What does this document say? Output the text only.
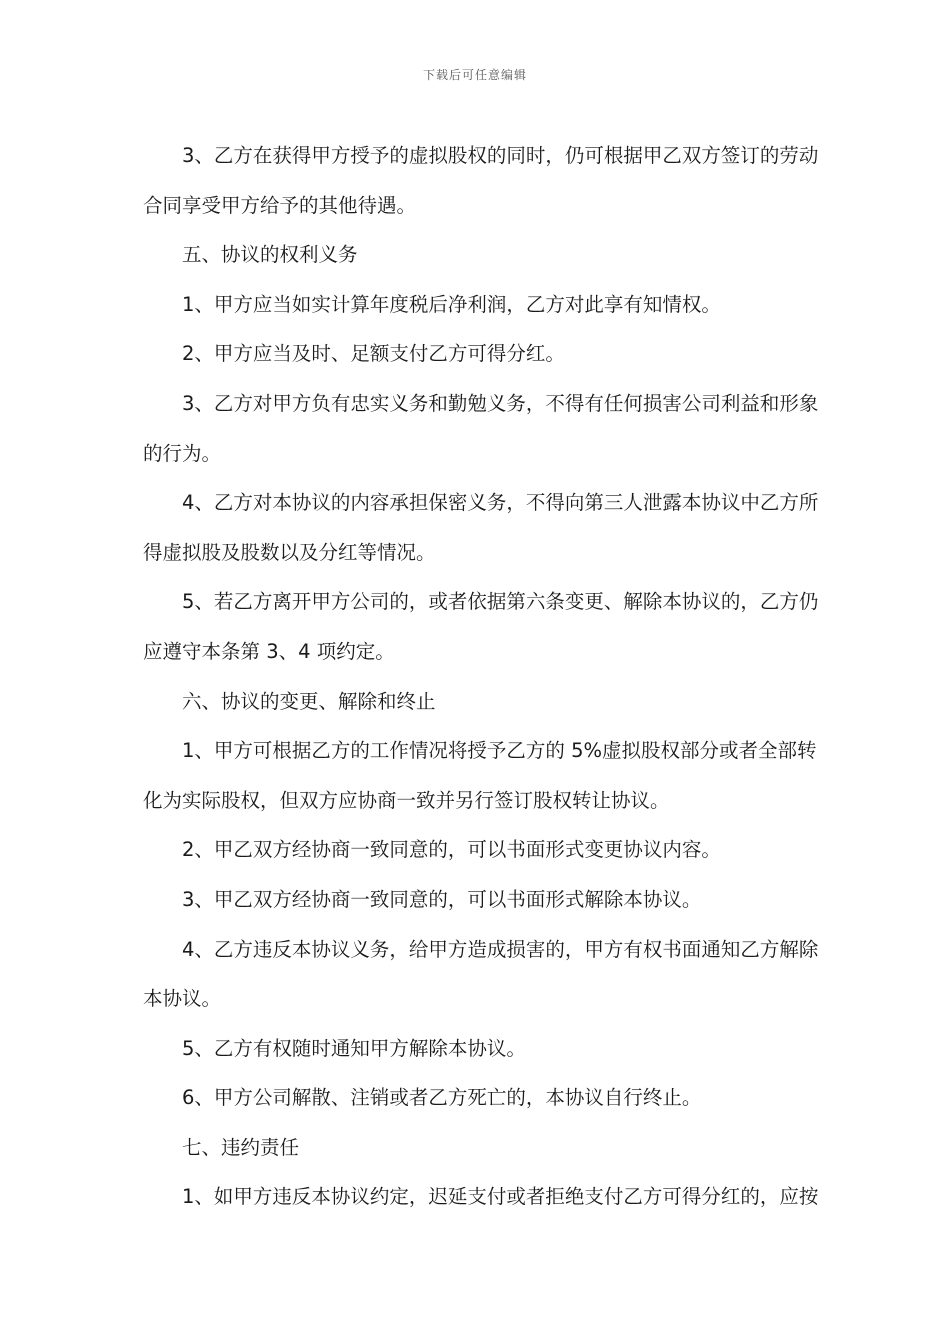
下载后可任意编辑
3、乙方在获得甲方授予的虚拟股权的同时，仍可根据甲乙双方签订的劳动
合同享受甲方给予的其他待遇。
五、协议的权利义务
1、甲方应当如实计算年度税后净利润，乙方对此享有知情权。
2、甲方应当及时、足额支付乙方可得分红。
3、乙方对甲方负有忠实义务和勤勉义务，不得有任何损害公司利益和形象
的行为。
4、乙方对本协议的内容承担保密义务，不得向第三人泄露本协议中乙方所
得虚拟股及股数以及分红等情况。
5、若乙方离开甲方公司的，或者依据第六条变更、解除本协议的，乙方仍
应遵守本条第 3、4 项约定。
六、协议的变更、解除和终止
1、甲方可根据乙方的工作情况将授予乙方的 5%虚拟股权部分或者全部转
化为实际股权，但双方应协商一致并另行签订股权转让协议。
2、甲乙双方经协商一致同意的，可以书面形式变更协议内容。
3、甲乙双方经协商一致同意的，可以书面形式解除本协议。
4、乙方违反本协议义务，给甲方造成损害的，甲方有权书面通知乙方解除
本协议。
5、乙方有权随时通知甲方解除本协议。
6、甲方公司解散、注销或者乙方死亡的，本协议自行终止。
七、违约责任
1、如甲方违反本协议约定，迟延支付或者拒绝支付乙方可得分红的，应按
